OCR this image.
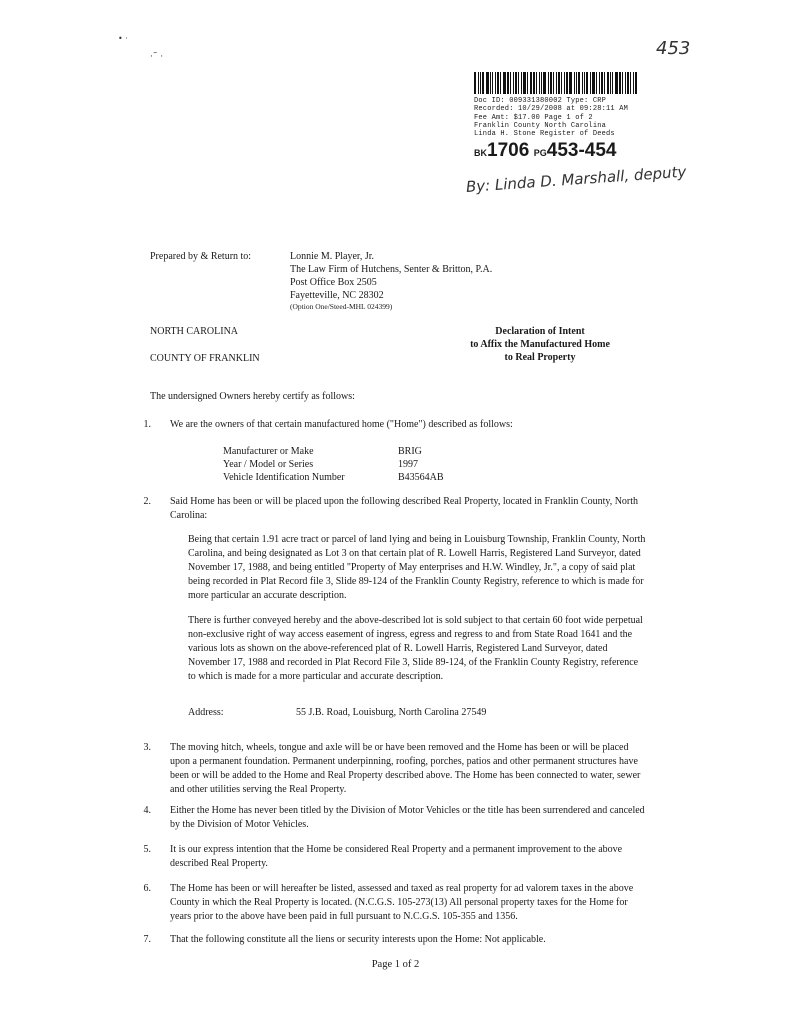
• ·
·˜ ·	453
Doc ID: 009331380002 Type: CRP
Recorded: 10/29/2008 at 09:28:11 AM
Fee Amt: $17.00 Page 1 of 2
Franklin County North Carolina
Linda H. Stone Register of Deeds
BK1706 PG453-454
By: Linda D. Marshall, deputy
Prepared by & Return to:	Lonnie M. Player, Jr.
The Law Firm of Hutchens, Senter & Britton, P.A.
Post Office Box 2505
Fayetteville, NC 28302
(Option One/Steed-MHL 024399)
NORTH CAROLINA
COUNTY OF FRANKLIN
Declaration of Intent
to Affix the Manufactured Home
to Real Property
The undersigned Owners hereby certify as follows:
1. We are the owners of that certain manufactured home ("Home") described as follows:
Manufacturer or Make	BRIG
Year / Model or Series	1997
Vehicle Identification Number	B43564AB
2. Said Home has been or will be placed upon the following described Real Property, located in Franklin County, North Carolina:
Being that certain 1.91 acre tract or parcel of land lying and being in Louisburg Township, Franklin County, North Carolina, and being designated as Lot 3 on that certain plat of R. Lowell Harris, Registered Land Surveyor, dated November 17, 1988, and being entitled "Property of May enterprises and H.W. Windley, Jr.", a copy of said plat being recorded in Plat Record file 3, Slide 89-124 of the Franklin County Registry, reference to which is made for more particular an accurate description.
There is further conveyed hereby and the above-described lot is sold subject to that certain 60 foot wide perpetual non-exclusive right of way access easement of ingress, egress and regress to and from State Road 1641 and the various lots as shown on the above-referenced plat of R. Lowell Harris, Registered Land Surveyor, dated November 17, 1988 and recorded in Plat Record File 3, Slide 89-124, of the Franklin County Registry, reference to which is made for a more particular and accurate description.
Address:	55 J.B. Road, Louisburg, North Carolina 27549
3. The moving hitch, wheels, tongue and axle will be or have been removed and the Home has been or will be placed upon a permanent foundation. Permanent underpinning, roofing, porches, patios and other permanent structures have been or will be added to the Home and Real Property described above. The Home has been connected to water, sewer and other utilities serving the Real Property.
4. Either the Home has never been titled by the Division of Motor Vehicles or the title has been surrendered and canceled by the Division of Motor Vehicles.
5. It is our express intention that the Home be considered Real Property and a permanent improvement to the above described Real Property.
6. The Home has been or will hereafter be listed, assessed and taxed as real property for ad valorem taxes in the above County in which the Real Property is located. (N.C.G.S. 105-273(13) All personal property taxes for the Home for years prior to the above have been paid in full pursuant to N.C.G.S. 105-355 and 1356.
7. That the following constitute all the liens or security interests upon the Home: Not applicable.
Page 1 of 2
